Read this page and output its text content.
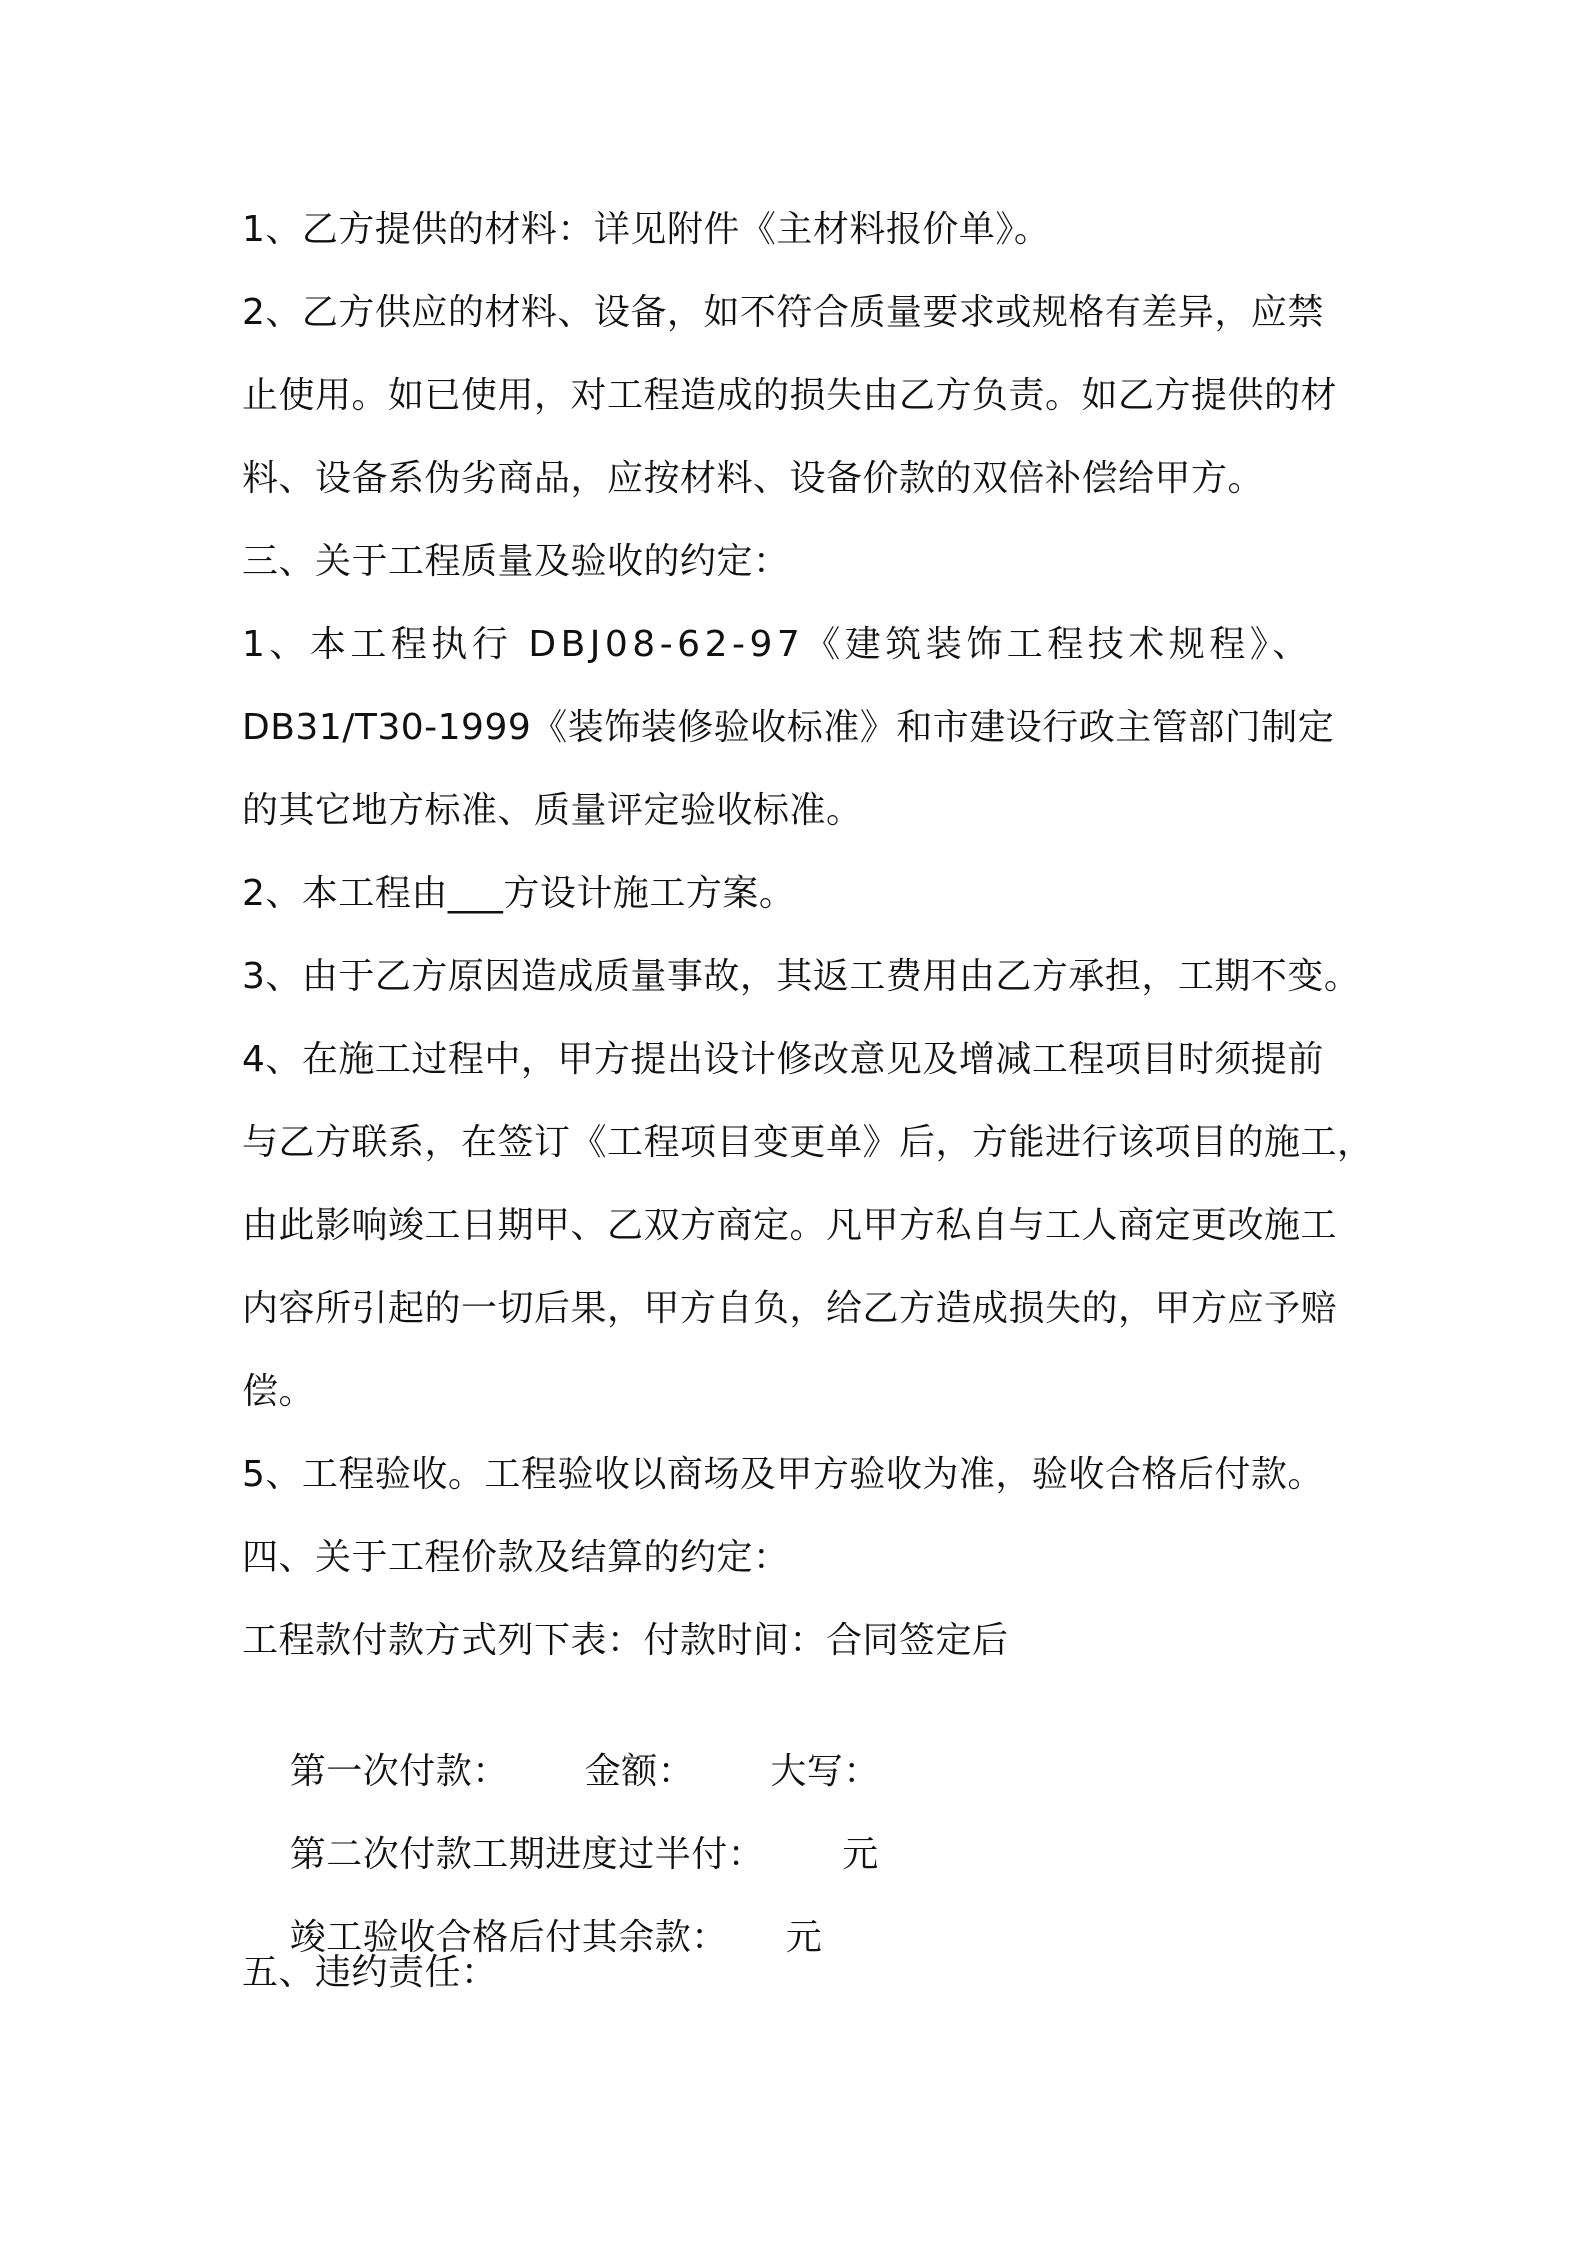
1、乙方提供的材料：详见附件《主材料报价单》。
2、乙方供应的材料、设备，如不符合质量要求或规格有差异，应禁
止使用。如已使用，对工程造成的损失由乙方负责。如乙方提供的材
料、设备系伪劣商品，应按材料、设备价款的双倍补偿给甲方。
三、关于工程质量及验收的约定：
1、本工程执行 DBJ08-62-97《建筑装饰工程技术规程》、
DB31/T30-1999《装饰装修验收标准》和市建设行政主管部门制定
的其它地方标准、质量评定验收标准。
2、本工程由___方设计施工方案。
3、由于乙方原因造成质量事故，其返工费用由乙方承担，工期不变。
4、在施工过程中，甲方提出设计修改意见及增减工程项目时须提前
与乙方联系，在签订《工程项目变更单》后，方能进行该项目的施工，
由此影响竣工日期甲、乙双方商定。凡甲方私自与工人商定更改施工
内容所引起的一切后果，甲方自负，给乙方造成损失的，甲方应予赔
偿。
5、工程验收。工程验收以商场及甲方验收为准，验收合格后付款。
四、关于工程价款及结算的约定：
工程款付款方式列下表：付款时间：合同签定后

第一次付款： 金额： 大写：

第二次付款工期进度过半付： 元

竣工验收合格后付其余款： 元

五、违约责任：
